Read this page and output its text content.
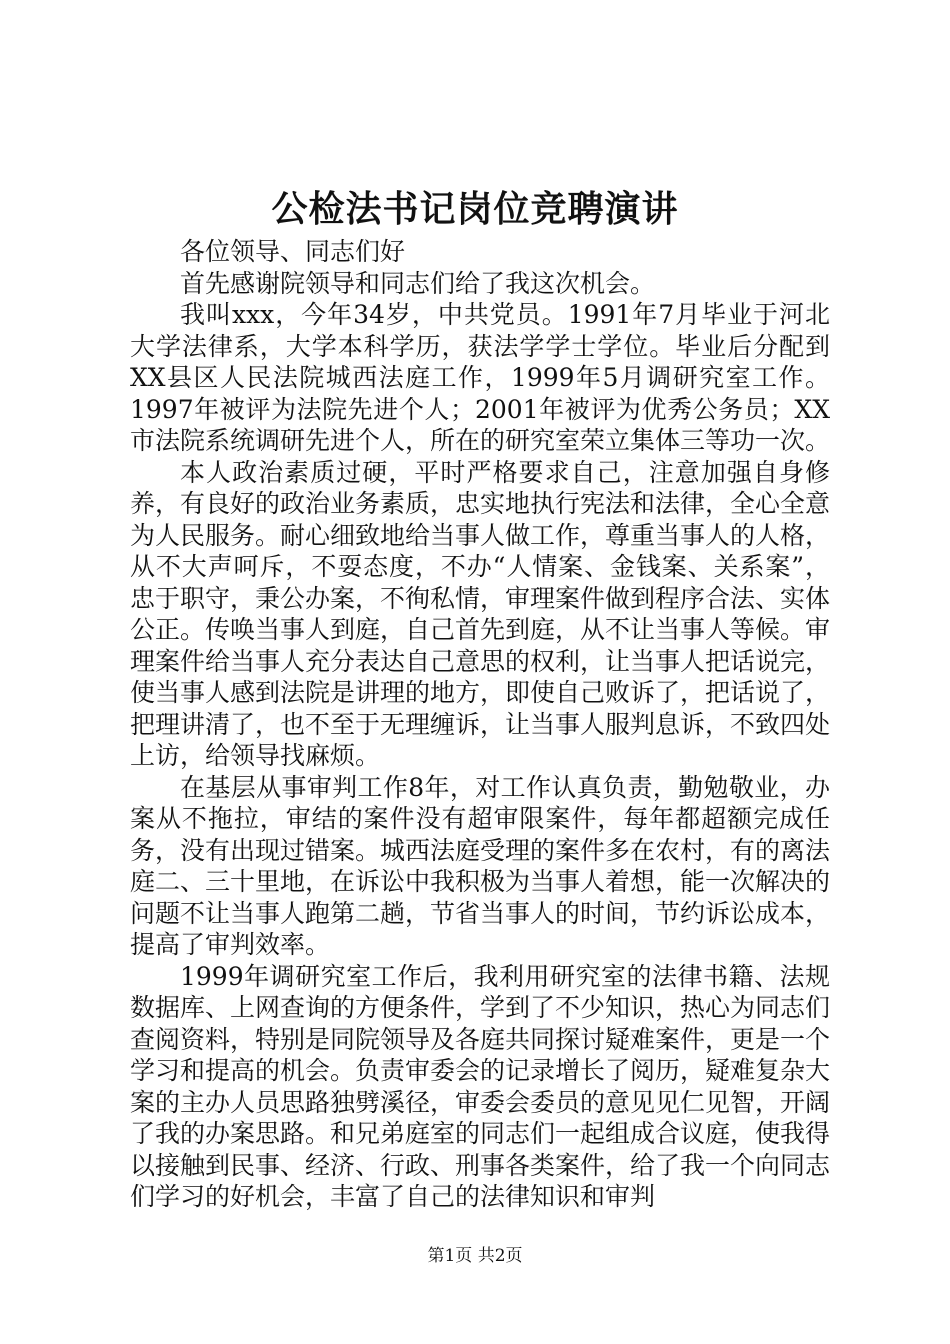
公检法书记岗位竞聘演讲

各位领导、同志们好

首先感谢院领导和同志们给了我这次机会。

我叫xxx，今年34岁，中共党员。1991年7月毕业于河北大学法律系，大学本科学历，获法学学士学位。毕业后分配到XX县区人民法院城西法庭工作，1999年5月调研究室工作。1997年被评为法院先进个人；2001年被评为优秀公务员；XX市法院系统调研先进个人，所在的研究室荣立集体三等功一次。

本人政治素质过硬，平时严格要求自己，注意加强自身修养，有良好的政治业务素质，忠实地执行宪法和法律，全心全意为人民服务。耐心细致地给当事人做工作，尊重当事人的人格，从不大声呵斥，不耍态度，不办“人情案、金钱案、关系案”，忠于职守，秉公办案，不徇私情，审理案件做到程序合法、实体公正。传唤当事人到庭，自己首先到庭，从不让当事人等候。审理案件给当事人充分表达自己意思的权利，让当事人把话说完，使当事人感到法院是讲理的地方，即使自己败诉了，把话说了，把理讲清了，也不至于无理缠诉，让当事人服判息诉，不致四处上访，给领导找麻烦。

在基层从事审判工作8年，对工作认真负责，勤勉敬业，办案从不拖拉，审结的案件没有超审限案件，每年都超额完成任务，没有出现过错案。城西法庭受理的案件多在农村，有的离法庭二、三十里地，在诉讼中我积极为当事人着想，能一次解决的问题不让当事人跑第二趟，节省当事人的时间，节约诉讼成本，提高了审判效率。

1999年调研究室工作后，我利用研究室的法律书籍、法规数据库、上网查询的方便条件，学到了不少知识，热心为同志们查阅资料，特别是同院领导及各庭共同探讨疑难案件，更是一个学习和提高的机会。负责审委会的记录增长了阅历，疑难复杂大案的主办人员思路独劈溪径，审委会委员的意见见仁见智，开阔了我的办案思路。和兄弟庭室的同志们一起组成合议庭，使我得以接触到民事、经济、行政、刑事各类案件，给了我一个向同志们学习的好机会，丰富了自己的法律知识和审判

第1页 共2页
